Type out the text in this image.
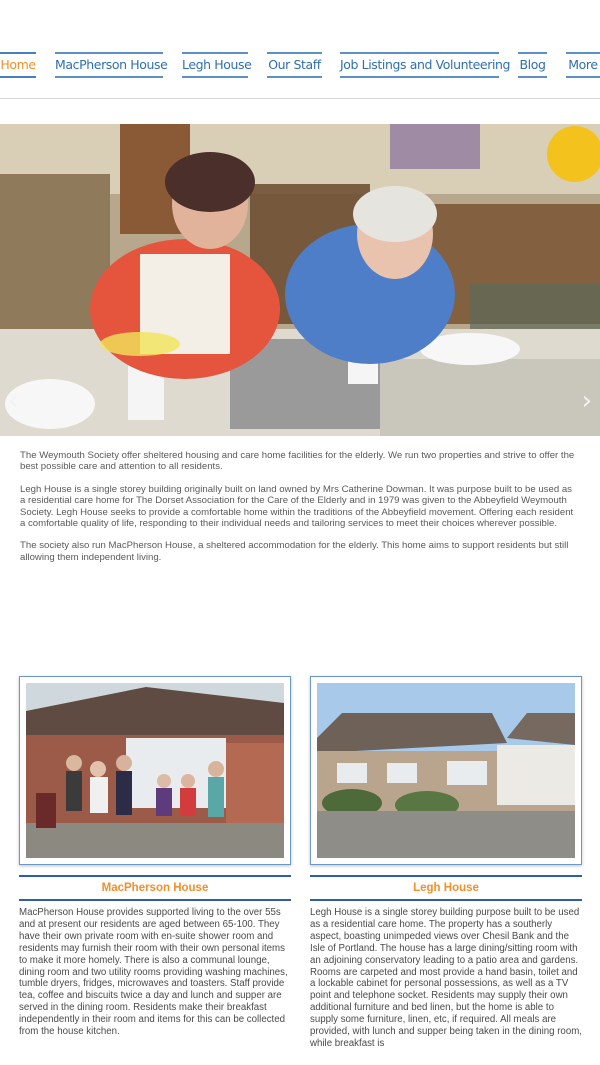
Home MacPherson House Legh House Our Staff Job Listings and Volunteering Blog More
‹	›

The Weymouth Society offer sheltered housing and care home facilities for the elderly. We run two properties and strive to offer the best possible care and attention to all residents.

Legh House is a single storey building originally built on land owned by Mrs Catherine Dowman. It was purpose built to be used as a residential care home for The Dorset Association for the Care of the Elderly and in 1979 was given to the Abbeyfield Weymouth Society. Legh House seeks to provide a comfortable home within the traditions of the Abbeyfield movement. Offering each resident a comfortable quality of life, responding to their individual needs and tailoring services to meet their choices wherever possible.

The society also run MacPherson House, a sheltered accommodation for the elderly. This home aims to support residents but still allowing them independent living.

MacPherson House
MacPherson House provides supported living to the over 55s and at present our residents are aged between 65-100. They have their own private room with en-suite shower room and residents may furnish their room with their own personal items to make it more homely. There is also a communal lounge, dining room and two utility rooms providing washing machines, tumble dryers, fridges, microwaves and toasters. Staff provide tea, coffee and biscuits twice a day and lunch and supper are served in the dining room. Residents make their breakfast independently in their room and items for this can be collected from the house kitchen.
Legh House
Legh House is a single storey building purpose built to be used as a residential care home. The property has a southerly aspect, boasting unimpeded views over Chesil Bank and the Isle of Portland. The house has a large dining/sitting room with an adjoining conservatory leading to a patio area and gardens. Rooms are carpeted and most provide a hand basin, toilet and a lockable cabinet for personal possessions, as well as a TV point and telephone socket. Residents may supply their own additional furniture and bed linen, but the home is able to supply some furniture, linen, etc, if required. All meals are provided, with lunch and supper being taken in the dining room, while breakfast is
